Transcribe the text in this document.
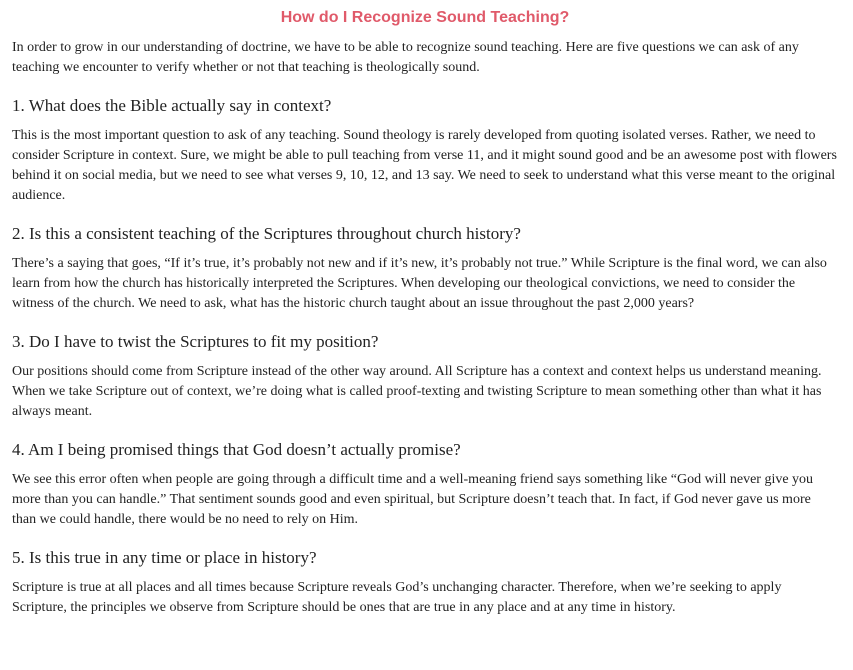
How do I Recognize Sound Teaching?

In order to grow in our understanding of doctrine, we have to be able to recognize sound teaching. Here are five questions we can ask of any teaching we encounter to verify whether or not that teaching is theologically sound.

1. What does the Bible actually say in context?

This is the most important question to ask of any teaching. Sound theology is rarely developed from quoting isolated verses. Rather, we need to consider Scripture in context. Sure, we might be able to pull teaching from verse 11, and it might sound good and be an awesome post with flowers behind it on social media, but we need to see what verses 9, 10, 12, and 13 say. We need to seek to understand what this verse meant to the original audience.

2. Is this a consistent teaching of the Scriptures throughout church history?

There’s a saying that goes, “If it’s true, it’s probably not new and if it’s new, it’s probably not true.” While Scripture is the final word, we can also learn from how the church has historically interpreted the Scriptures. When developing our theological convictions, we need to consider the witness of the church. We need to ask, what has the historic church taught about an issue throughout the past 2,000 years?

3. Do I have to twist the Scriptures to fit my position?

Our positions should come from Scripture instead of the other way around. All Scripture has a context and context helps us understand meaning. When we take Scripture out of context, we’re doing what is called proof-texting and twisting Scripture to mean something other than what it has always meant.

4. Am I being promised things that God doesn’t actually promise?

We see this error often when people are going through a difficult time and a well-meaning friend says something like “God will never give you more than you can handle.” That sentiment sounds good and even spiritual, but Scripture doesn’t teach that. In fact, if God never gave us more than we could handle, there would be no need to rely on Him.

5. Is this true in any time or place in history?

Scripture is true at all places and all times because Scripture reveals God’s unchanging character. Therefore, when we’re seeking to apply Scripture, the principles we observe from Scripture should be ones that are true in any place and at any time in history.
